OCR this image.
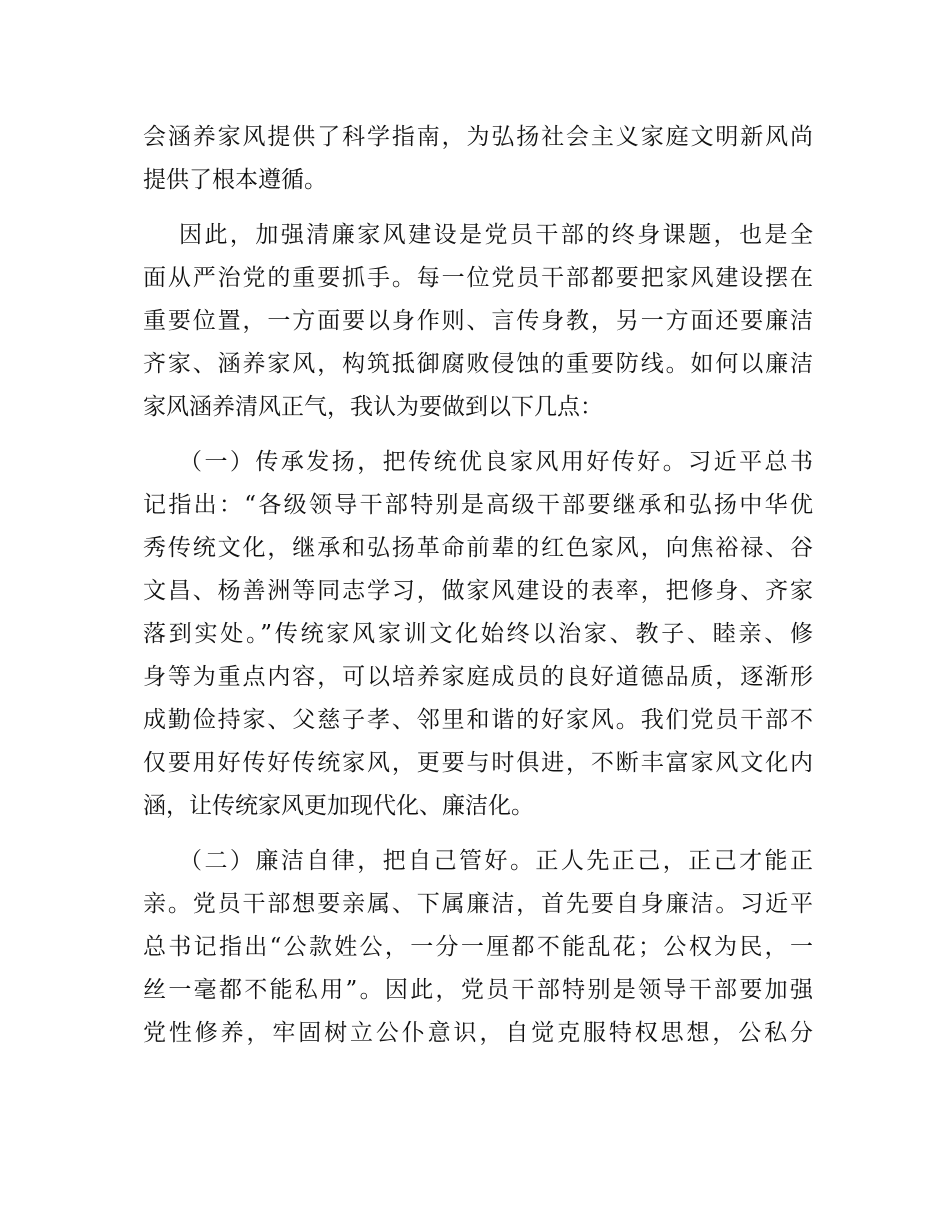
会涵养家风提供了科学指南，为弘扬社会主义家庭文明新风尚
提供了根本遵循。
因此，加强清廉家风建设是党员干部的终身课题，也是全
面从严治党的重要抓手。每一位党员干部都要把家风建设摆在
重要位置，一方面要以身作则、言传身教，另一方面还要廉洁
齐家、涵养家风，构筑抵御腐败侵蚀的重要防线。如何以廉洁
家风涵养清风正气，我认为要做到以下几点：
（一）传承发扬，把传统优良家风用好传好。习近平总书
记指出：“各级领导干部特别是高级干部要继承和弘扬中华优
秀传统文化，继承和弘扬革命前辈的红色家风，向焦裕禄、谷
文昌、杨善洲等同志学习，做家风建设的表率，把修身、齐家
落到实处。”传统家风家训文化始终以治家、教子、睦亲、修
身等为重点内容，可以培养家庭成员的良好道德品质，逐渐形
成勤俭持家、父慈子孝、邻里和谐的好家风。我们党员干部不
仅要用好传好传统家风，更要与时俱进，不断丰富家风文化内
涵，让传统家风更加现代化、廉洁化。
（二）廉洁自律，把自己管好。正人先正己，正己才能正
亲。党员干部想要亲属、下属廉洁，首先要自身廉洁。习近平
总书记指出“公款姓公，一分一厘都不能乱花；公权为民，一
丝一毫都不能私用”。因此，党员干部特别是领导干部要加强
党性修养，牢固树立公仆意识，自觉克服特权思想，公私分
